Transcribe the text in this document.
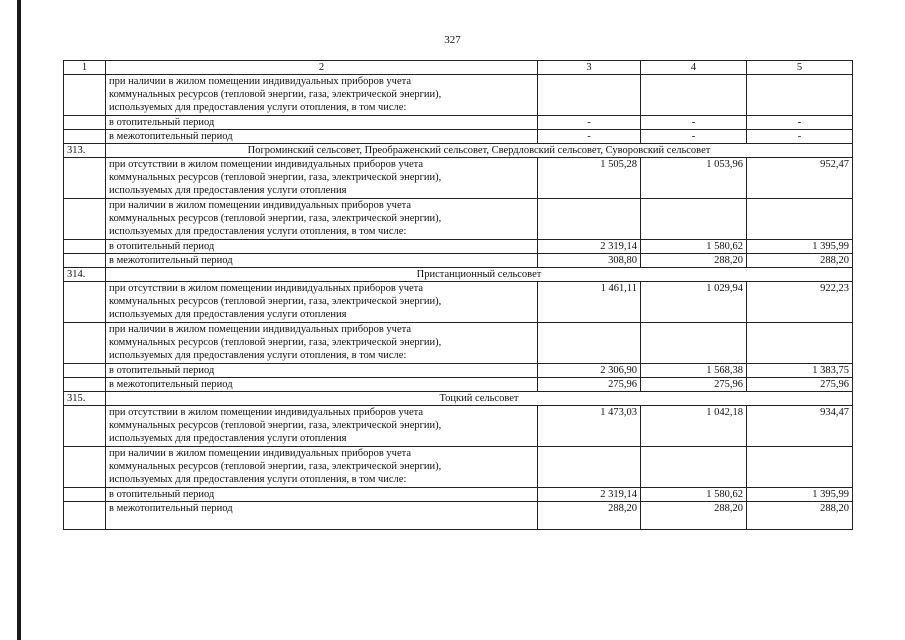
327
1	2	3	4	5

	при наличии в жилом помещении индивидуальных приборов учета
коммунальных ресурсов (тепловой энергии, газа, электрической энергии),
используемых для предоставления услуги отопления, в том числе:			

	в отопительный период	-	-	-

	в межотопительный период	-	-	-
313.	Погроминский сельсовет, Преображенский сельсовет, Свердловский сельсовет, Суворовский сельсовет			

	при отсутствии в жилом помещении индивидуальных приборов учета
коммунальных ресурсов (тепловой энергии, газа, электрической энергии),
используемых для предоставления услуги отопления	1 505,28	1 053,96	952,47

	при наличии в жилом помещении индивидуальных приборов учета
коммунальных ресурсов (тепловой энергии, газа, электрической энергии),
используемых для предоставления услуги отопления, в том числе:			

	в отопительный период	2 319,14	1 580,62	1 395,99

	в межотопительный период	308,80	288,20	288,20
314.	Пристанционный сельсовет			

	при отсутствии в жилом помещении индивидуальных приборов учета
коммунальных ресурсов (тепловой энергии, газа, электрической энергии),
используемых для предоставления услуги отопления	1 461,11	1 029,94	922,23

	при наличии в жилом помещении индивидуальных приборов учета
коммунальных ресурсов (тепловой энергии, газа, электрической энергии),
используемых для предоставления услуги отопления, в том числе:			

	в отопительный период	2 306,90	1 568,38	1 383,75

	в межотопительный период	275,96	275,96	275,96
315.	Тоцкий сельсовет			

	при отсутствии в жилом помещении индивидуальных приборов учета
коммунальных ресурсов (тепловой энергии, газа, электрической энергии),
используемых для предоставления услуги отопления	1 473,03	1 042,18	934,47

	при наличии в жилом помещении индивидуальных приборов учета
коммунальных ресурсов (тепловой энергии, газа, электрической энергии),
используемых для предоставления услуги отопления, в том числе:			

	в отопительный период	2 319,14	1 580,62	1 395,99

	в межотопительный период	288,20	288,20	288,20
